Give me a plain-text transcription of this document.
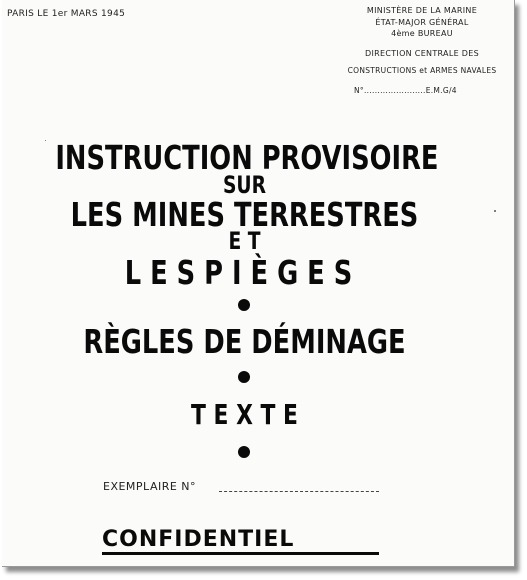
PARIS LE 1er MARS 1945	MINISTÈRE DE LA MARINE
ÉTAT-MAJOR GÉNÉRAL
4ème BUREAU
DIRECTION CENTRALE DES
CONSTRUCTIONS et ARMES NAVALES
N°.......................E.M.G/4
INSTRUCTION PROVISOIRE
SUR
LES MINES TERRESTRES
E T
L E S P I È G E S
RÈGLES DE DÉMINAGE
T E X T E
EXEMPLAIRE N°
CONFIDENTIEL
